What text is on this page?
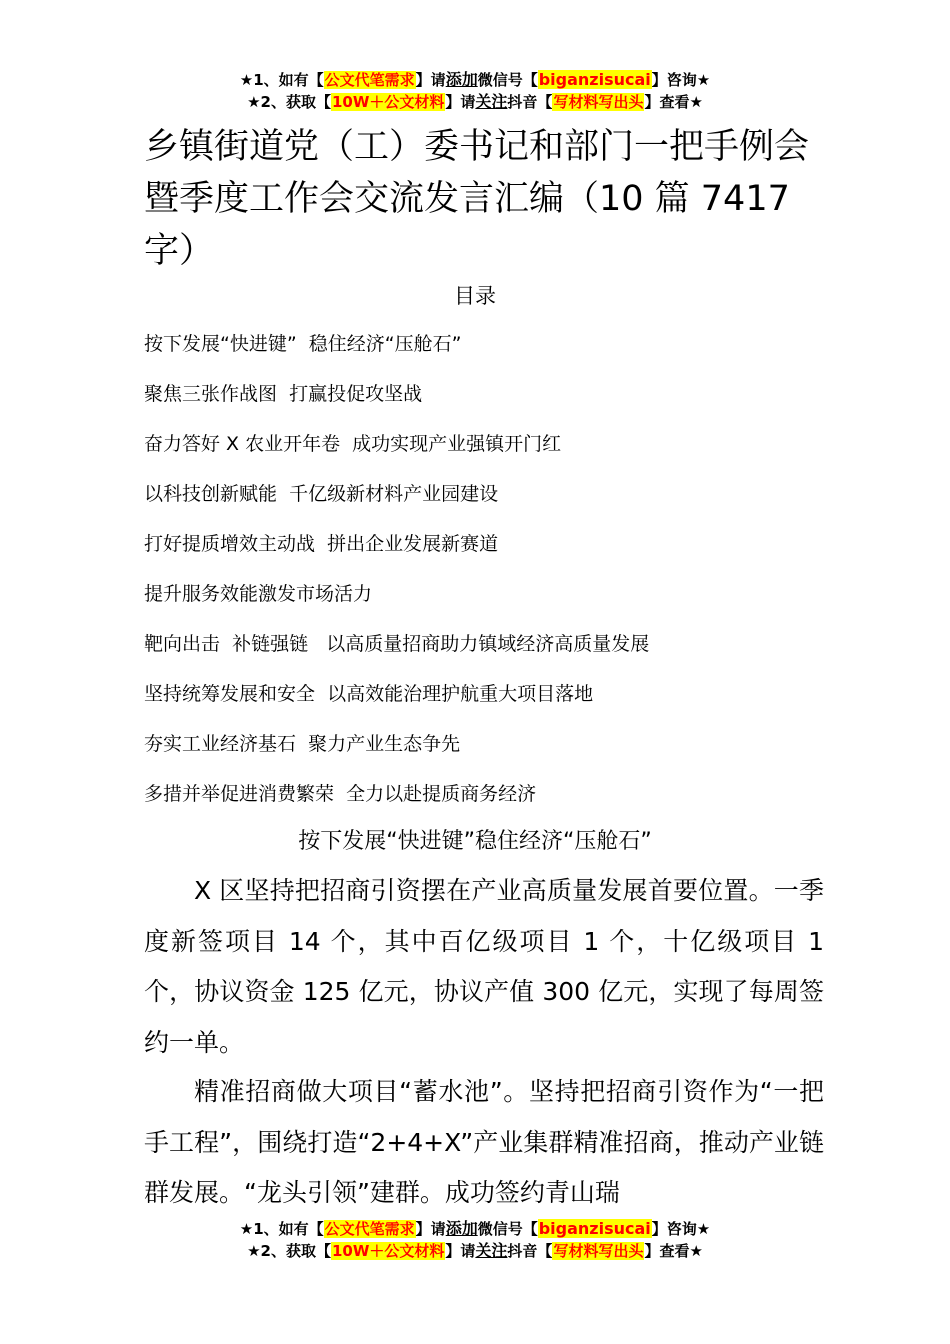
★1、如有【公文代笔需求】请添加微信号【biganzisucai】咨询★
★2、获取【10W＋公文材料】请关注抖音【写材料写出头】查看★
乡镇街道党（工）委书记和部门一把手例会暨季度工作会交流发言汇编（10 篇 7417 字）
目录
按下发展“快进键”  稳住经济“压舱石”
聚焦三张作战图  打赢投促攻坚战
奋力答好 X 农业开年卷  成功实现产业强镇开门红
以科技创新赋能  千亿级新材料产业园建设
打好提质增效主动战  拼出企业发展新赛道
提升服务效能激发市场活力
靶向出击  补链强链   以高质量招商助力镇域经济高质量发展
坚持统筹发展和安全  以高效能治理护航重大项目落地
夯实工业经济基石  聚力产业生态争先
多措并举促进消费繁荣  全力以赴提质商务经济
按下发展“快进键”稳住经济“压舱石”

X 区坚持把招商引资摆在产业高质量发展首要位置。一季度新签项目 14 个，其中百亿级项目 1 个，十亿级项目 1 个，协议资金 125 亿元，协议产值 300 亿元，实现了每周签约一单。

精准招商做大项目“蓄水池”。坚持把招商引资作为“一把手工程”，围绕打造“2+4+X”产业集群精准招商，推动产业链群发展。“龙头引领”建群。成功签约青山瑞

★1、如有【公文代笔需求】请添加微信号【biganzisucai】咨询★
★2、获取【10W＋公文材料】请关注抖音【写材料写出头】查看★
